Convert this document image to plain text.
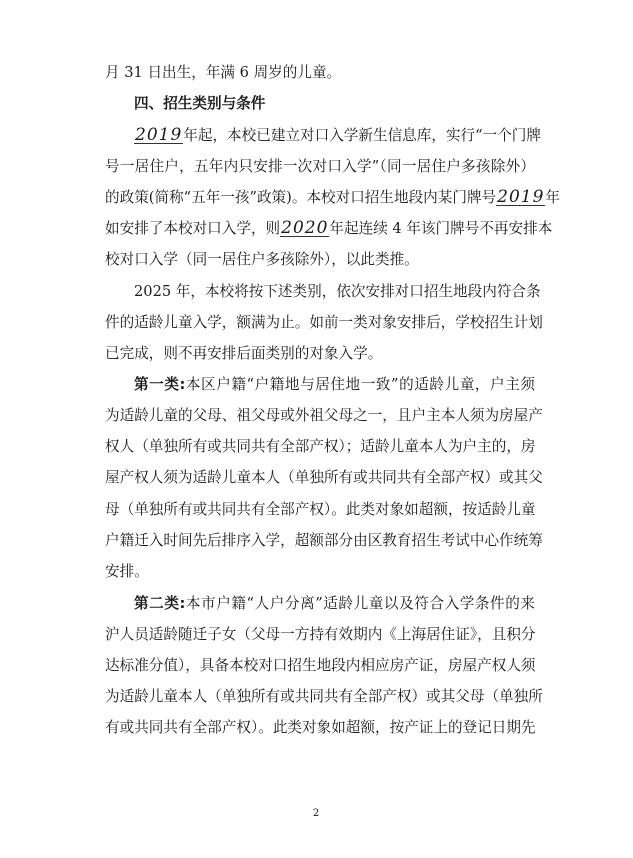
月 31 日出生，年满 6 周岁的儿童。
四、招生类别与条件
2019年起，本校已建立对口入学新生信息库，实行“一个门牌
号一居住户，五年内只安排一次对口入学”（同一居住户多孩除外）
的政策(简称“五年一孩”政策)。本校对口招生地段内某门牌号2019年
如安排了本校对口入学，则2020年起连续 4 年该门牌号不再安排本
校对口入学（同一居住户多孩除外），以此类推。
2025 年，本校将按下述类别，依次安排对口招生地段内符合条
件的适龄儿童入学，额满为止。如前一类对象安排后，学校招生计划
已完成，则不再安排后面类别的对象入学。
第一类:本区户籍“户籍地与居住地一致”的适龄儿童，户主须
为适龄儿童的父母、祖父母或外祖父母之一，且户主本人须为房屋产
权人（单独所有或共同共有全部产权）；适龄儿童本人为户主的，房
屋产权人须为适龄儿童本人（单独所有或共同共有全部产权）或其父
母（单独所有或共同共有全部产权）。此类对象如超额，按适龄儿童
户籍迁入时间先后排序入学，超额部分由区教育招生考试中心作统筹
安排。
第二类:本市户籍“人户分离”适龄儿童以及符合入学条件的来
沪人员适龄随迁子女（父母一方持有效期内《上海居住证》，且积分
达标准分值），具备本校对口招生地段内相应房产证，房屋产权人须
为适龄儿童本人（单独所有或共同共有全部产权）或其父母（单独所
有或共同共有全部产权）。此类对象如超额，按产证上的登记日期先
2
